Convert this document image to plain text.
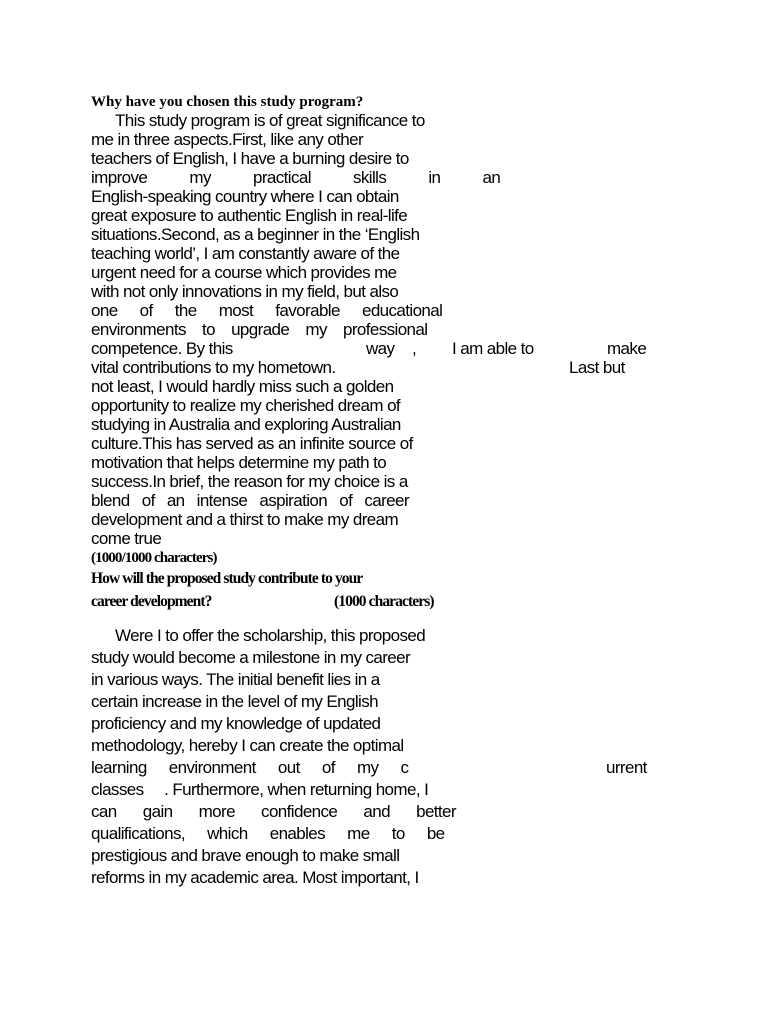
Why have you chosen this study program?
This study program is of great significance to
me in three aspects.First, like any other
teachers of English, I have a burning desire to
improve my practical skills in an
English-speaking country where I can obtain
great exposure to authentic English in real-life
situations.Second, as a beginner in the ‘English
teaching world’, I am constantly aware of the
urgent need for a course which provides me
with not only innovations in my field, but also
one of the most favorable educational
environments to upgrade my professional
competence. By this	way , I am able to	make
vital contributions to my hometown.	Last but
not least, I would hardly miss such a golden
opportunity to realize my cherished dream of
studying in Australia and exploring Australian
culture.This has served as an infinite source of
motivation that helps determine my path to
success.In brief, the reason for my choice is a
blend of an intense aspiration of career
development and a thirst to make my dream
come true
(1000/1000 characters)
How will the proposed study contribute to your
career development?	(1000 characters)
Were I to offer the scholarship, this proposed
study would become a milestone in my career
in various ways. The initial benefit lies in a
certain increase in the level of my English
proficiency and my knowledge of updated
methodology, hereby I can create the optimal
learning environment out of my c	urrent
classes     . Furthermore, when returning home, I
can gain more confidence and better
qualifications, which enables me to be
prestigious and brave enough to make small
reforms in my academic area. Most important, I
